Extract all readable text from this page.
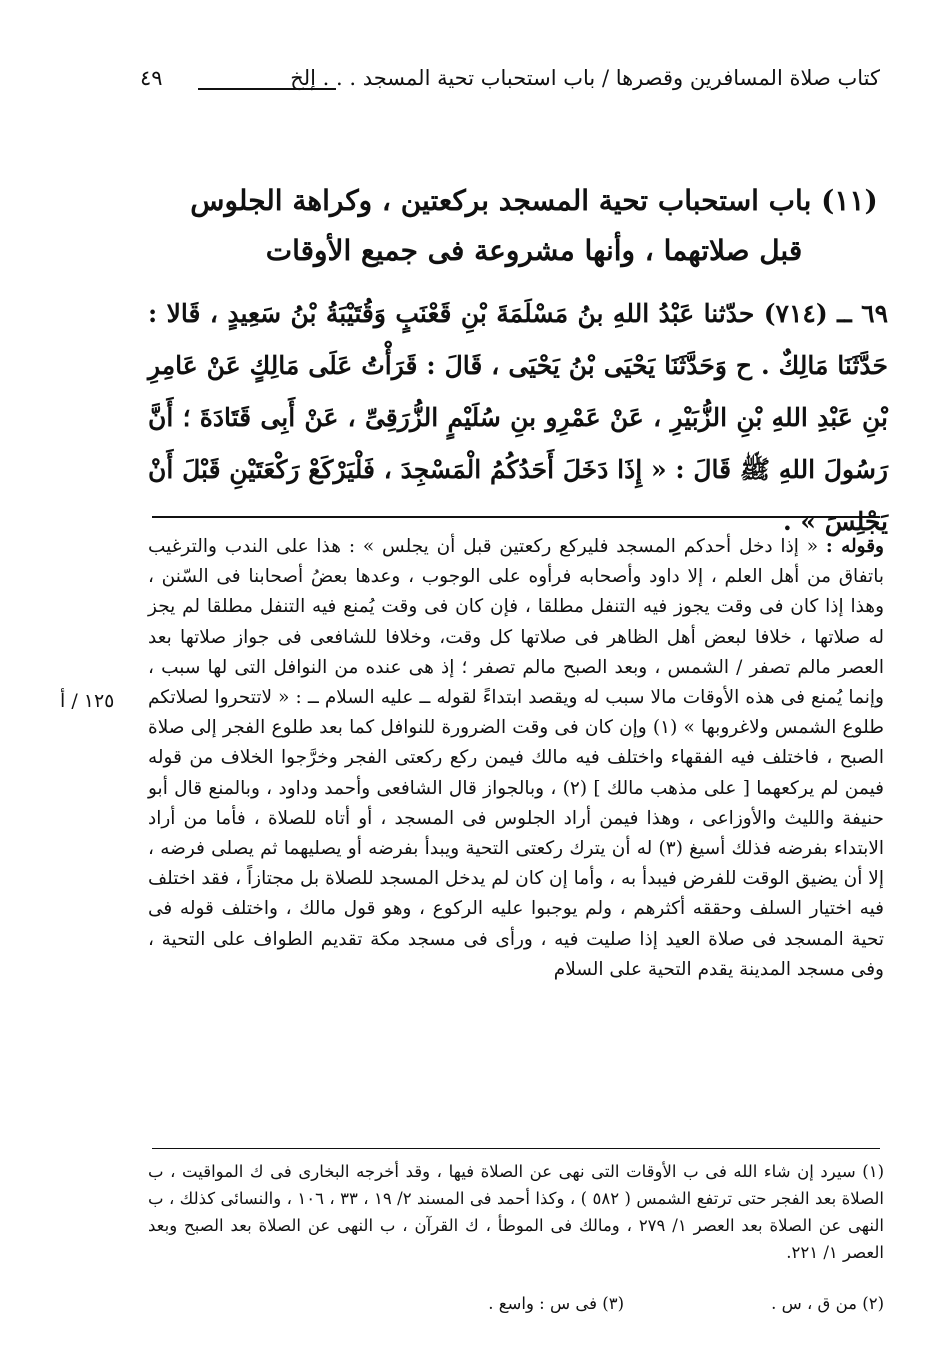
كتاب صلاة المسافرين وقصرها / باب استحباب تحية المسجد . . . إلخ
٤٩
(١١) باب استحباب تحية المسجد بركعتين ، وكراهة الجلوس قبل صلاتهما ، وأنها مشروعة فى جميع الأوقات
٦٩ ــ (٧١٤) حدّثنا عَبْدُ اللهِ بنُ مَسْلَمَةَ بْنِ قَعْنَبٍ وَقُتَيْبَةُ بْنُ سَعِيدٍ ، قَالا : حَدَّثَنَا مَالِكٌ . ح وَحَدَّثَنَا يَحْيَى بْنُ يَحْيَى ، قَالَ : قَرَأْتُ عَلَى مَالِكٍ عَنْ عَامِرِ بْنِ عَبْدِ اللهِ بْنِ الزُّبَيْرِ ، عَنْ عَمْرِو بنِ سُلَيْمٍ الزُّرَقِىِّ ، عَنْ أَبِى قَتَادَةَ ؛ أَنَّ رَسُولَ اللهِ ﷺ قَالَ : « إِذَا دَخَلَ أَحَدُكُمُ الْمَسْجِدَ ، فَلْيَرْكَعْ رَكْعَتَيْنِ قَبْلَ أَنْ يَجْلِسَ » .
وقوله : « إذا دخل أحدكم المسجد فليركع ركعتين قبل أن يجلس » : هذا على الندب والترغيب باتفاق من أهل العلم ، إلا داود وأصحابه فرأوه على الوجوب ، وعدها بعضُ أصحابنا فى السّنن ، وهذا إذا كان فى وقت يجوز فيه التنفل مطلقا ، فإن كان فى وقت يُمنع فيه التنفل مطلقا لم يجز له صلاتها ، خلافا لبعض أهل الظاهر فى صلاتها كل وقت، وخلافا للشافعى فى جواز صلاتها بعد العصر مالم تصفر / الشمس ، وبعد الصبح مالم تصفر ؛ إذ هى عنده من النوافل التى لها سبب ، وإنما يُمنع فى هذه الأوقات مالا سبب له ويقصد ابتداءً لقوله ــ عليه السلام ــ : « لاتتحروا لصلاتكم طلوع الشمس ولاغروبها » (١) وإن كان فى وقت الضرورة للنوافل كما بعد طلوع الفجر إلى صلاة الصبح ، فاختلف فيه الفقهاء واختلف فيه مالك فيمن ركع ركعتى الفجر وخرَّجوا الخلاف من قوله فيمن لم يركعهما [ على مذهب مالك ] (٢) ، وبالجواز قال الشافعى وأحمد وداود ، وبالمنع قال أبو حنيفة والليث والأوزاعى ، وهذا فيمن أراد الجلوس فى المسجد ، أو أتاه للصلاة ، فأما من أراد الابتداء بفرضه فذلك أسيغ (٣) له أن يترك ركعتى التحية ويبدأ بفرضه أو يصليهما ثم يصلى فرضه ، إلا أن يضيق الوقت للفرض فيبدأ به ، وأما إن كان لم يدخل المسجد للصلاة بل مجتازاً ، فقد اختلف فيه اختيار السلف وحققه أكثرهم ، ولم يوجبوا عليه الركوع ، وهو قول مالك ، واختلف قوله فى تحية المسجد فى صلاة العيد إذا صليت فيه ، ورأى فى مسجد مكة تقديم الطواف على التحية ، وفى مسجد المدينة يقدم التحية على السلام
١٢٥ / أ
(١) سيرد إن شاء الله فى ب الأوقات التى نهى عن الصلاة فيها ، وقد أخرجه البخارى فى ك المواقيت ، ب الصلاة بعد الفجر حتى ترتفع الشمس ( ٥٨٢ ) ، وكذا أحمد فى المسند ٢/ ١٩ ، ٣٣ ، ١٠٦ ، والنسائى كذلك ، ب النهى عن الصلاة بعد العصر ١/ ٢٧٩ ، ومالك فى الموطأ ، ك القرآن ، ب النهى عن الصلاة بعد الصبح وبعد العصر ١/ ٢٢١.
(٢) من ق ، س .
(٣) فى س : واسع .
